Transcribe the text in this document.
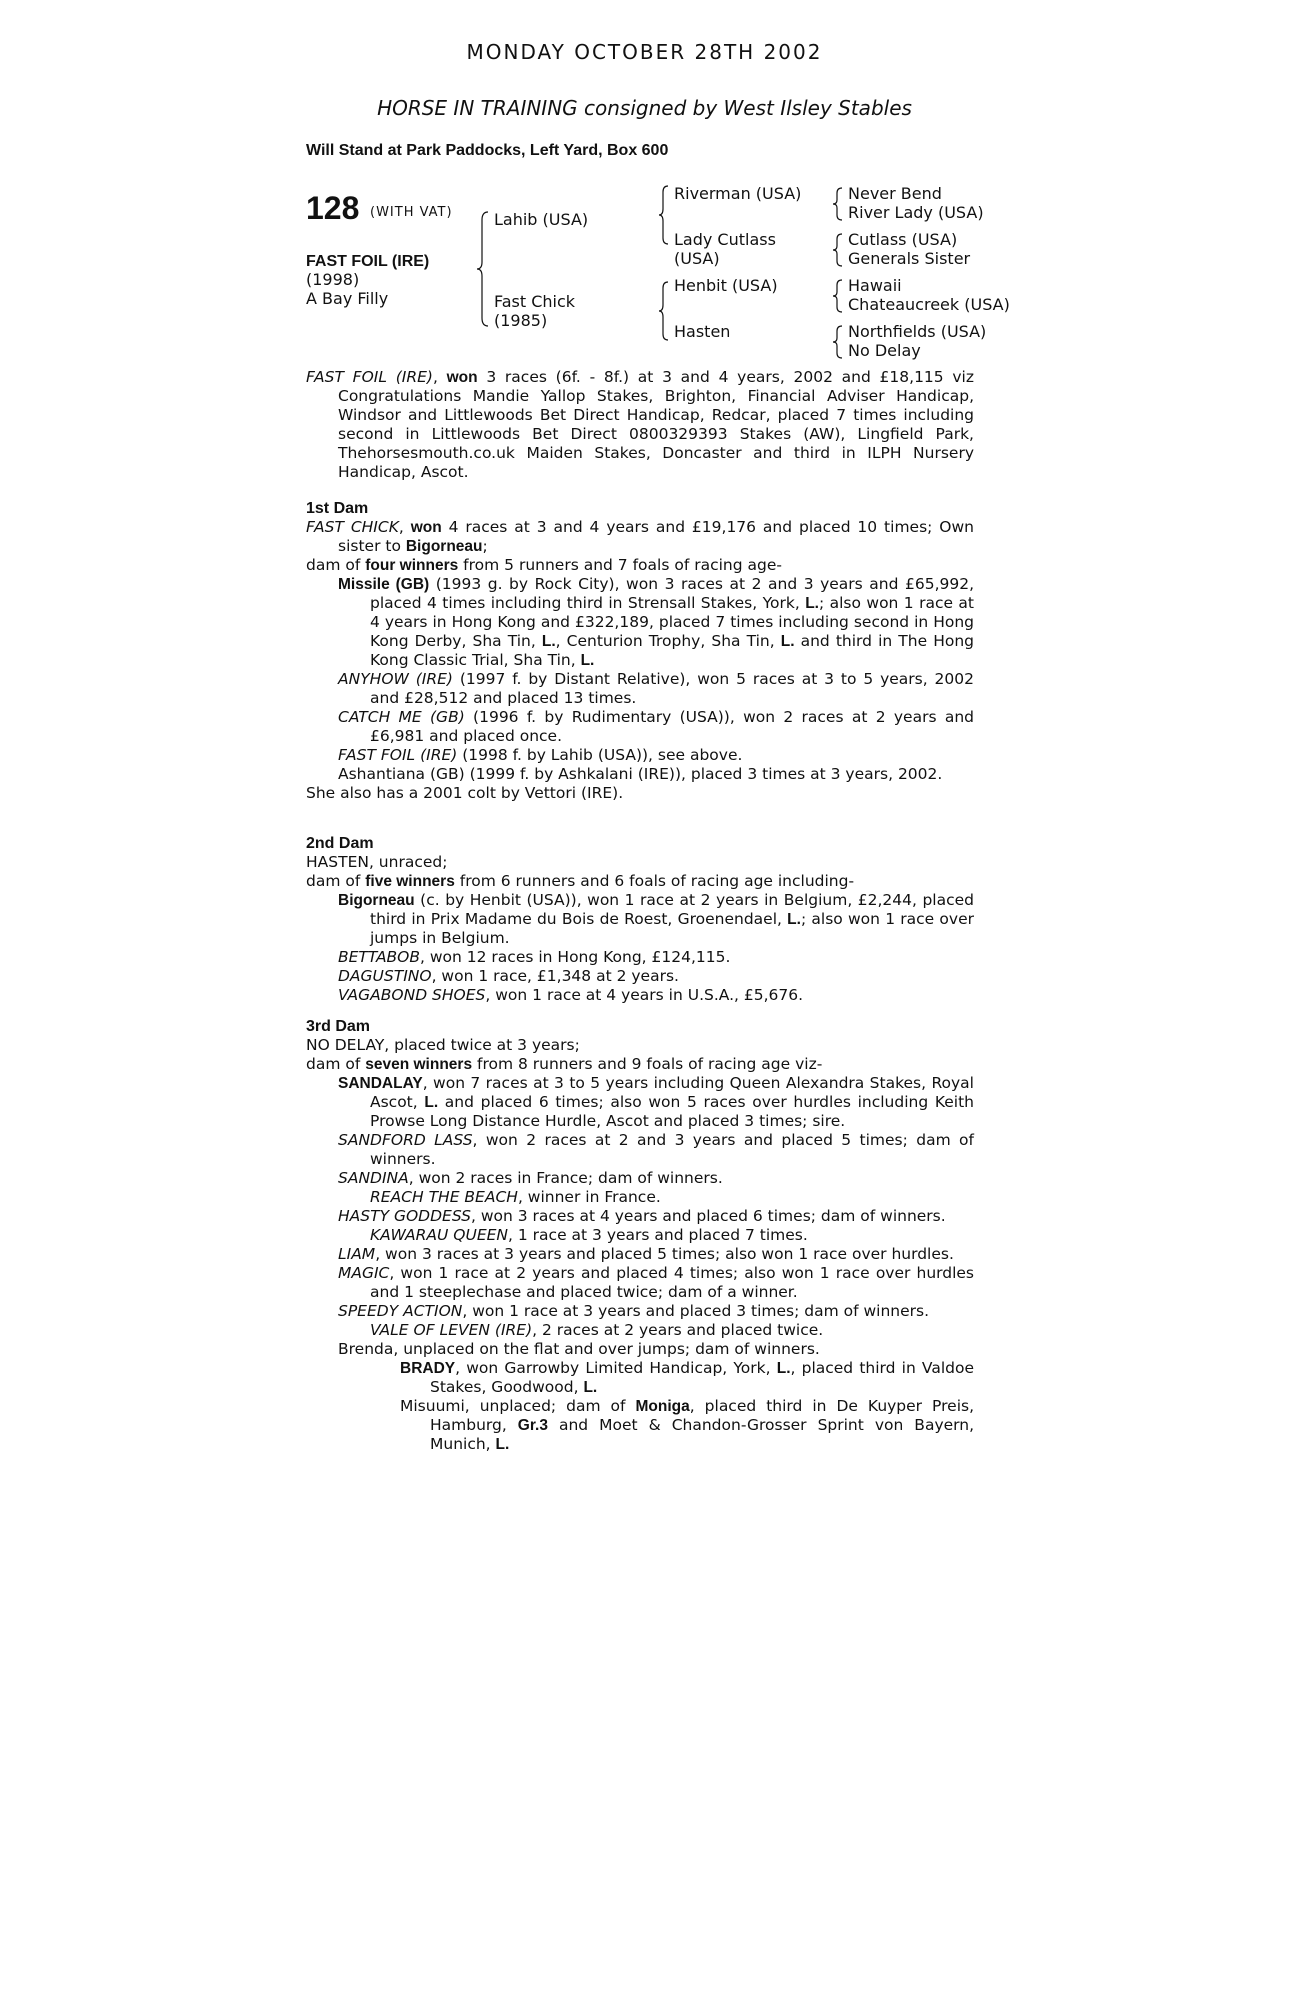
MONDAY OCTOBER 28TH 2002
HORSE IN TRAINING consigned by West Ilsley Stables
Will Stand at Park Paddocks, Left Yard, Box 600
128 (WITH VAT)
FAST FOIL (IRE)
(1998)
A Bay Filly
Lahib (USA)
Fast Chick
(1985)
Riverman (USA)
Lady Cutlass
(USA)
Henbit (USA)
Hasten
Never Bend
River Lady (USA)
Cutlass (USA)
Generals Sister
Hawaii
Chateaucreek (USA)
Northfields (USA)
No Delay

FAST FOIL (IRE), won 3 races (6f. - 8f.) at 3 and 4 years, 2002 and £18,115 viz Congratulations Mandie Yallop Stakes, Brighton, Financial Adviser Handicap, Windsor and Littlewoods Bet Direct Handicap, Redcar, placed 7 times including second in Littlewoods Bet Direct 0800329393 Stakes (AW), Lingfield Park, Thehorsesmouth.co.uk Maiden Stakes, Doncaster and third in ILPH Nursery Handicap, Ascot.

1st Dam

FAST CHICK, won 4 races at 3 and 4 years and £19,176 and placed 10 times; Own sister to Bigorneau;

dam of four winners from 5 runners and 7 foals of racing age-

Missile (GB) (1993 g. by Rock City), won 3 races at 2 and 3 years and £65,992, placed 4 times including third in Strensall Stakes, York, L.; also won 1 race at 4 years in Hong Kong and £322,189, placed 7 times including second in Hong Kong Derby, Sha Tin, L., Centurion Trophy, Sha Tin, L. and third in The Hong Kong Classic Trial, Sha Tin, L.

ANYHOW (IRE) (1997 f. by Distant Relative), won 5 races at 3 to 5 years, 2002 and £28,512 and placed 13 times.

CATCH ME (GB) (1996 f. by Rudimentary (USA)), won 2 races at 2 years and £6,981 and placed once.

FAST FOIL (IRE) (1998 f. by Lahib (USA)), see above.

Ashantiana (GB) (1999 f. by Ashkalani (IRE)), placed 3 times at 3 years, 2002.

She also has a 2001 colt by Vettori (IRE).

2nd Dam

HASTEN, unraced;

dam of five winners from 6 runners and 6 foals of racing age including-

Bigorneau (c. by Henbit (USA)), won 1 race at 2 years in Belgium, £2,244, placed third in Prix Madame du Bois de Roest, Groenendael, L.; also won 1 race over jumps in Belgium.

BETTABOB, won 12 races in Hong Kong, £124,115.

DAGUSTINO, won 1 race, £1,348 at 2 years.

VAGABOND SHOES, won 1 race at 4 years in U.S.A., £5,676.

3rd Dam

NO DELAY, placed twice at 3 years;

dam of seven winners from 8 runners and 9 foals of racing age viz-

SANDALAY, won 7 races at 3 to 5 years including Queen Alexandra Stakes, Royal Ascot, L. and placed 6 times; also won 5 races over hurdles including Keith Prowse Long Distance Hurdle, Ascot and placed 3 times; sire.

SANDFORD LASS, won 2 races at 2 and 3 years and placed 5 times; dam of winners.

SANDINA, won 2 races in France; dam of winners.

REACH THE BEACH, winner in France.

HASTY GODDESS, won 3 races at 4 years and placed 6 times; dam of winners.

KAWARAU QUEEN, 1 race at 3 years and placed 7 times.

LIAM, won 3 races at 3 years and placed 5 times; also won 1 race over hurdles.

MAGIC, won 1 race at 2 years and placed 4 times; also won 1 race over hurdles and 1 steeplechase and placed twice; dam of a winner.

SPEEDY ACTION, won 1 race at 3 years and placed 3 times; dam of winners.

VALE OF LEVEN (IRE), 2 races at 2 years and placed twice.

Brenda, unplaced on the flat and over jumps; dam of winners.

BRADY, won Garrowby Limited Handicap, York, L., placed third in Valdoe Stakes, Goodwood, L.

Misuumi, unplaced; dam of Moniga, placed third in De Kuyper Preis, Hamburg, Gr.3 and Moet & Chandon-Grosser Sprint von Bayern, Munich, L.
